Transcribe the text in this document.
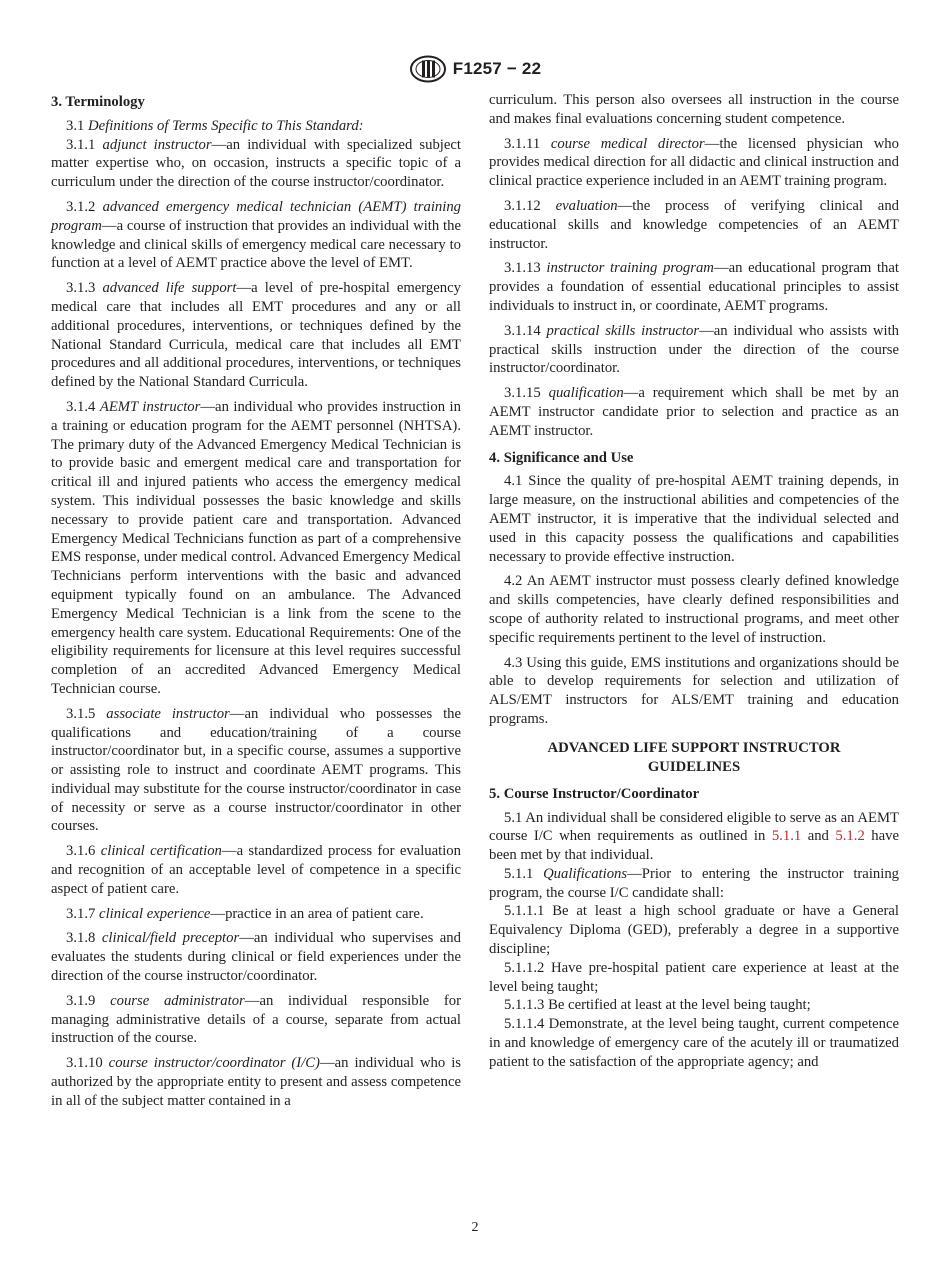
F1257 − 22
3. Terminology

3.1 Definitions of Terms Specific to This Standard:

3.1.1 adjunct instructor—an individual with specialized subject matter expertise who, on occasion, instructs a specific topic of a curriculum under the direction of the course instructor/coordinator.

3.1.2 advanced emergency medical technician (AEMT) training program—a course of instruction that provides an individual with the knowledge and clinical skills of emergency medical care necessary to function at a level of AEMT practice above the level of EMT.

3.1.3 advanced life support—a level of pre-hospital emergency medical care that includes all EMT procedures and any or all additional procedures, interventions, or techniques defined by the National Standard Curricula, medical care that includes all EMT procedures and all additional procedures, interventions, or techniques defined by the National Standard Curricula.

3.1.4 AEMT instructor—an individual who provides instruction in a training or education program for the AEMT personnel (NHTSA). The primary duty of the Advanced Emergency Medical Technician is to provide basic and emergent medical care and transportation for critical ill and injured patients who access the emergency medical system. This individual possesses the basic knowledge and skills necessary to provide patient care and transportation. Advanced Emergency Medical Technicians function as part of a comprehensive EMS response, under medical control. Advanced Emergency Medical Technicians perform interventions with the basic and advanced equipment typically found on an ambulance. The Advanced Emergency Medical Technician is a link from the scene to the emergency health care system. Educational Requirements: One of the eligibility requirements for licensure at this level requires successful completion of an accredited Advanced Emergency Medical Technician course.

3.1.5 associate instructor—an individual who possesses the qualifications and education/training of a course instructor/coordinator but, in a specific course, assumes a supportive or assisting role to instruct and coordinate AEMT programs. This individual may substitute for the course instructor/coordinator in case of necessity or serve as a course instructor/coordinator in other courses.

3.1.6 clinical certification—a standardized process for evaluation and recognition of an acceptable level of competence in a specific aspect of patient care.

3.1.7 clinical experience—practice in an area of patient care.

3.1.8 clinical/field preceptor—an individual who supervises and evaluates the students during clinical or field experiences under the direction of the course instructor/coordinator.

3.1.9 course administrator—an individual responsible for managing administrative details of a course, separate from actual instruction of the course.

3.1.10 course instructor/coordinator (I/C)—an individual who is authorized by the appropriate entity to present and assess competence in all of the subject matter contained in a

curriculum. This person also oversees all instruction in the course and makes final evaluations concerning student competence.

3.1.11 course medical director—the licensed physician who provides medical direction for all didactic and clinical instruction and clinical practice experience included in an AEMT training program.

3.1.12 evaluation—the process of verifying clinical and educational skills and knowledge competencies of an AEMT instructor.

3.1.13 instructor training program—an educational program that provides a foundation of essential educational principles to assist individuals to instruct in, or coordinate, AEMT programs.

3.1.14 practical skills instructor—an individual who assists with practical skills instruction under the direction of the course instructor/coordinator.

3.1.15 qualification—a requirement which shall be met by an AEMT instructor candidate prior to selection and practice as an AEMT instructor.

4. Significance and Use

4.1 Since the quality of pre-hospital AEMT training depends, in large measure, on the instructional abilities and competencies of the AEMT instructor, it is imperative that the individual selected and used in this capacity possess the qualifications and capabilities necessary to provide effective instruction.

4.2 An AEMT instructor must possess clearly defined knowledge and skills competencies, have clearly defined responsibilities and scope of authority related to instructional programs, and meet other specific requirements pertinent to the level of instruction.

4.3 Using this guide, EMS institutions and organizations should be able to develop requirements for selection and utilization of ALS/EMT instructors for ALS/EMT training and education programs.

ADVANCED LIFE SUPPORT INSTRUCTOR
GUIDELINES
5. Course Instructor/Coordinator

5.1 An individual shall be considered eligible to serve as an AEMT course I/C when requirements as outlined in 5.1.1 and 5.1.2 have been met by that individual.

5.1.1 Qualifications—Prior to entering the instructor training program, the course I/C candidate shall:

5.1.1.1 Be at least a high school graduate or have a General Equivalency Diploma (GED), preferably a degree in a supportive discipline;

5.1.1.2 Have pre-hospital patient care experience at least at the level being taught;

5.1.1.3 Be certified at least at the level being taught;

5.1.1.4 Demonstrate, at the level being taught, current competence in and knowledge of emergency care of the acutely ill or traumatized patient to the satisfaction of the appropriate agency; and

2
